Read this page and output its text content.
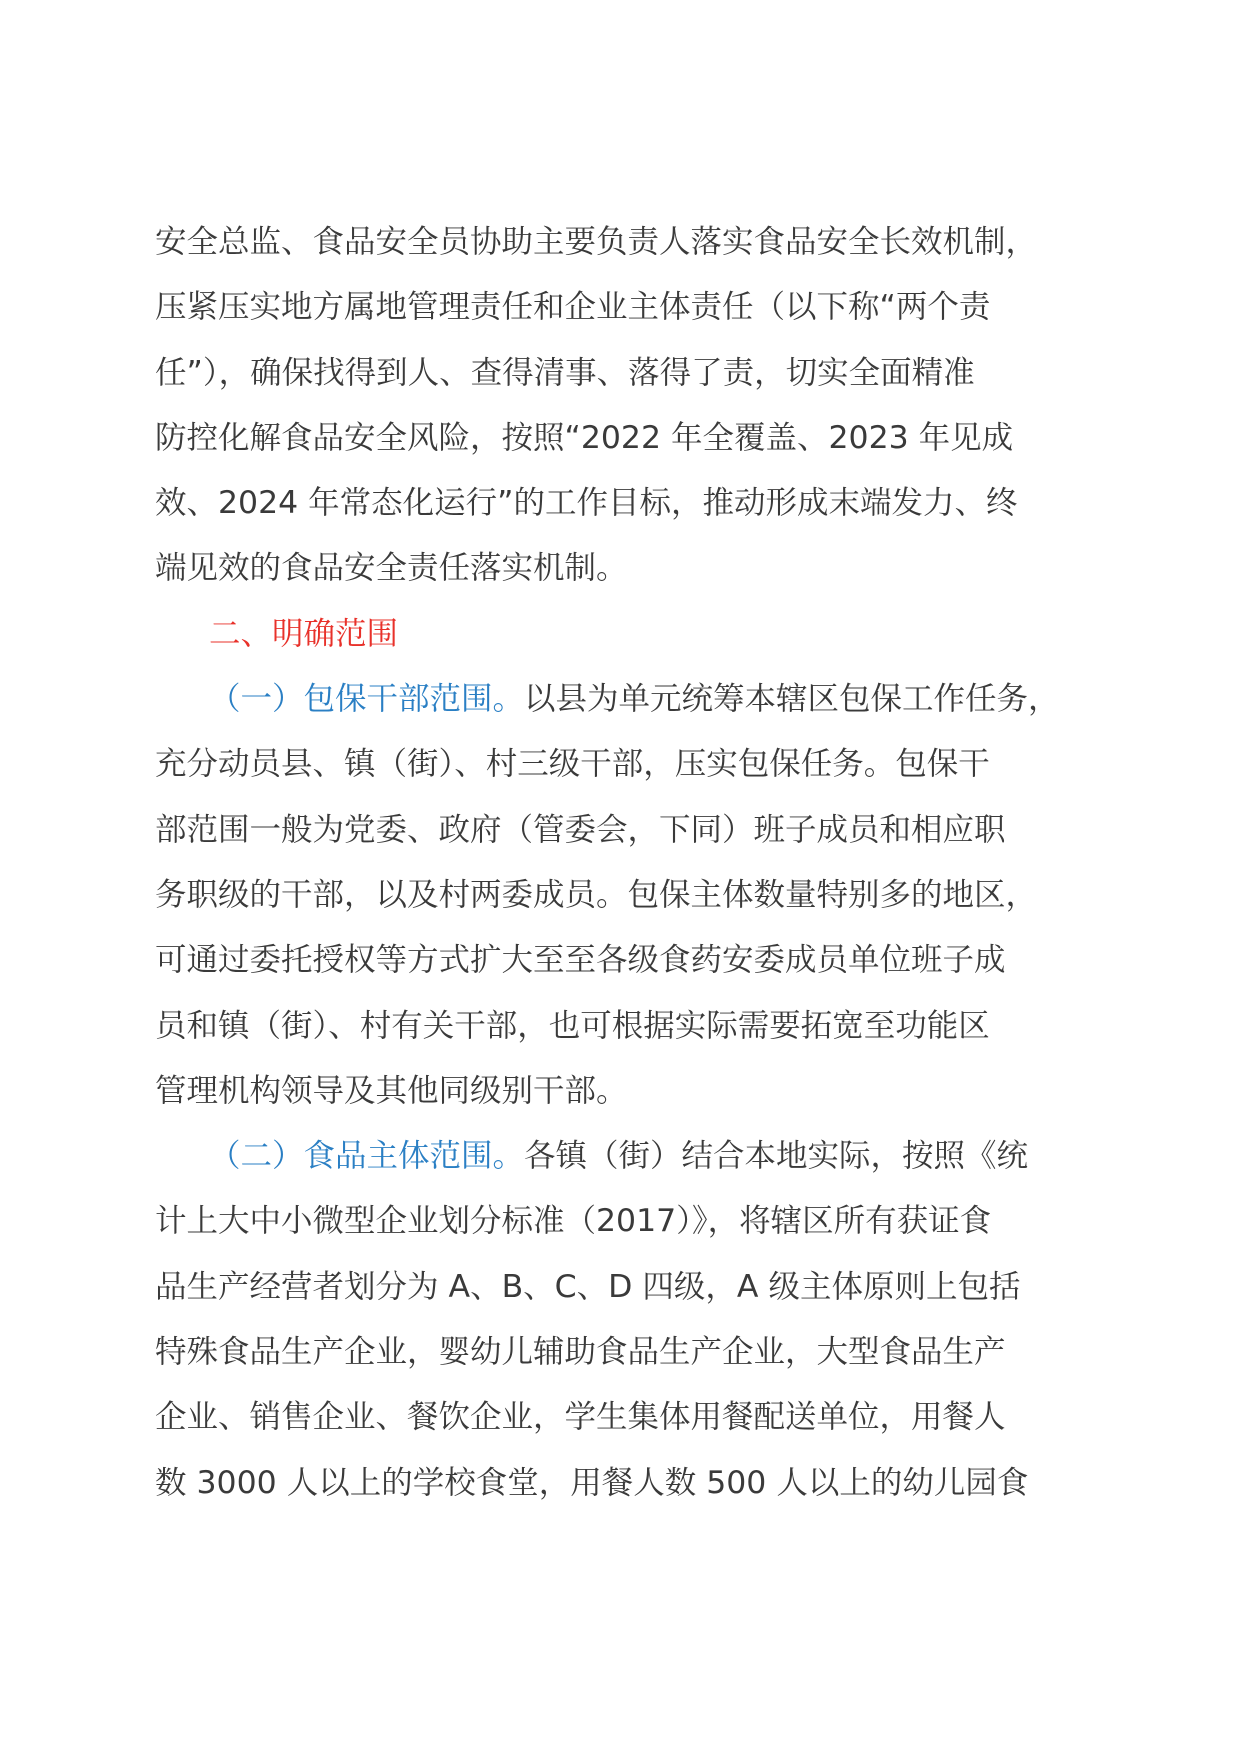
安全总监、食品安全员协助主要负责人落实食品安全长效机制，
压紧压实地方属地管理责任和企业主体责任（以下称“两个责
任”），确保找得到人、查得清事、落得了责，切实全面精准
防控化解食品安全风险，按照“2022 年全覆盖、2023 年见成
效、2024 年常态化运行”的工作目标，推动形成末端发力、终
端见效的食品安全责任落实机制。
二、明确范围
（一）包保干部范围。以县为单元统筹本辖区包保工作任务，
充分动员县、镇（街）、村三级干部，压实包保任务。包保干
部范围一般为党委、政府（管委会，下同）班子成员和相应职
务职级的干部，以及村两委成员。包保主体数量特别多的地区，
可通过委托授权等方式扩大至至各级食药安委成员单位班子成
员和镇（街）、村有关干部，也可根据实际需要拓宽至功能区
管理机构领导及其他同级别干部。
（二）食品主体范围。各镇（街）结合本地实际，按照《统
计上大中小微型企业划分标准（2017）》，将辖区所有获证食
品生产经营者划分为 A、B、C、D 四级，A 级主体原则上包括
特殊食品生产企业，婴幼儿辅助食品生产企业，大型食品生产
企业、销售企业、餐饮企业，学生集体用餐配送单位，用餐人
数 3000 人以上的学校食堂，用餐人数 500 人以上的幼儿园食
